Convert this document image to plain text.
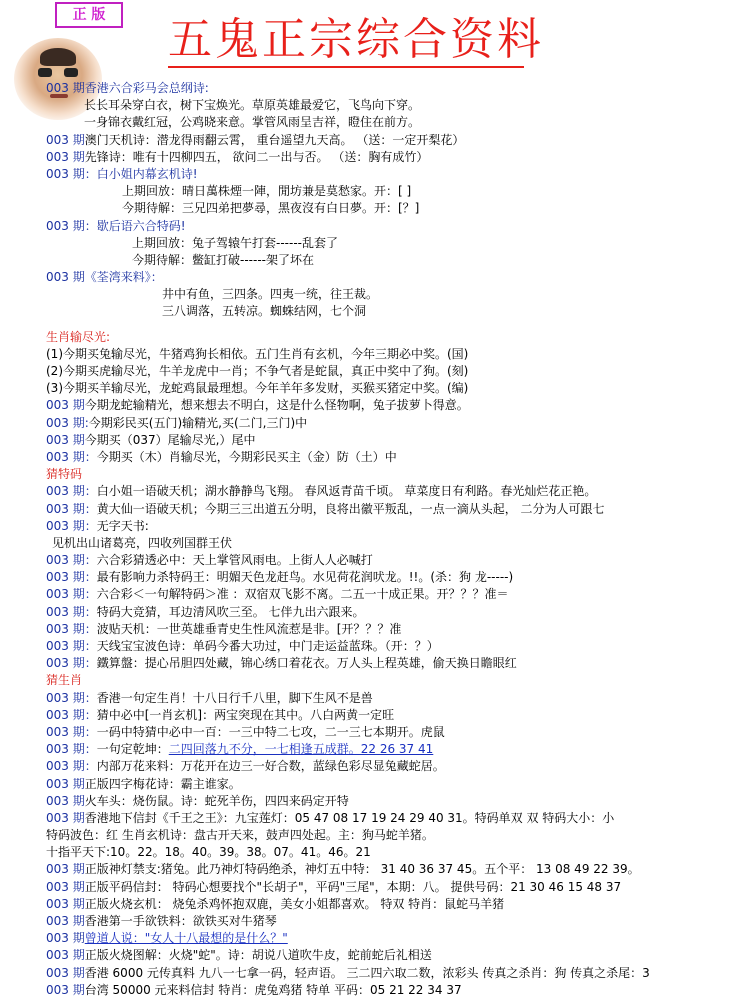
正 版	五鬼正宗综合资料
003 期香港六合彩马会总纲诗:
长长耳朵穿白衣，树下宝焕光。草原英雄最爱它，飞鸟向下穿。
一身锦衣戴红冠，公鸡晓来意。掌管风雨呈吉祥，瞪住在前方。
003 期澳门天机诗：潜龙得雨翻云霄， 重台遥望九天高。 （送：一定开梨花）
003 期先锋诗：唯有十四柳四五， 欲问二一出与否。 （送：胸有成竹）
003 期：白小姐内幕玄机诗!
上期回放：晴日萬株煙一陣，閒坊兼是莫愁家。开：[ ]
今期待解：三兄四弟把夢尋，黑夜沒有白日夢。开：[？]
003 期：歇后语六合特码!
上期回放：兔子驾辕午打套------乱套了
今期待解：鳖缸打破------架了坏在
003 期《荃湾来料》：
井中有鱼，三四条。四夷一统，往王裁。
三八调落，五转凉。蜘蛛结网，七个洞
生肖输尽光:
(1)今期买兔输尽光，牛猪鸡狗长相依。五门生肖有玄机，今年三期必中奖。(国)
(2)今期买虎输尽光，牛羊龙虎中一肖；不争气者是蛇鼠，真正中奖中了狗。(刻)
(3)今期买羊输尽光，龙蛇鸡鼠最理想。今年羊年多发财，买猴买猪定中奖。(编)
003 期今期龙蛇输精光，想来想去不明白，这是什么怪物啊，兔子拔萝卜得意。
003 期:今期彩民买(五门)输精光,买(二门,三门)中
003 期今期买（037）尾输尽光,）尾中
003 期：今期买（木）肖输尽光，今期彩民买主（金）防（土）中
猜特码
003 期：白小姐一语破天机；湖水静静鸟飞翔。 春风返青苗千顷。 草菜度日有利路。春光灿烂花正艳。
003 期：黄大仙一语破天机；今期三三出道五分明，良将出徽平叛乱，一点一滴从头起， 二分为人可跟七
003 期：无字天书:
见机出山诸葛亮，四收列国群王伏
003 期：六合彩猜透必中：天上掌管风雨电。上街人人必喊打
003 期：最有影响力杀特码王：明媚天色龙赶鸟。水见荷花润吠龙。!!。(杀：狗 龙-----)
003 期：六合彩＜一句解特码＞准 ：双宿双飞影不离。二五一十成正果。开？？？准＝
003 期：特码大竞猜，耳边清风吹三至。 七伴九出六跟来。
003 期：波贴天机：一世英雄垂青史生性风流惹是非。[开？？？准
003 期：天线宝宝波色诗：单码今番大功过，中门走运益蓝珠。（开：？）
003 期：鐵算盤：提心吊胆四处藏，锦心绣口着花衣。万人头上程英雄，偷天换日瞻眼红
猜生肖
003 期：香港一句定生肖！十八日行千八里，脚下生风不是兽
003 期：猜中必中[一肖玄机]：两宝突现在其中。八白两黄一定旺
003 期：一码中特猜中必中一百：一三中特二七攻，二一三七本期开。虎鼠
003 期：一句定乾坤：二四回落九不分，一七相逢五成群。22 26 37 41
003 期：内部万花来料：万花开在边三一好合数，蓝绿色彩尽显兔藏蛇居。
003 期正版四字梅花诗：霸主谁家。
003 期火车头：烧伤鼠。诗：蛇死羊伤，四四来码定开特
003 期香港地下信封《千王之王》：九宝莲灯：05 47 08 17 19 24 29 40 31。特码单双 双 特码大小：小
特码波色：红 生肖玄机诗：盘古开天来，鼓声四处起。主：狗马蛇羊猪。
十指平天下:10。22。18。40。39。38。07。41。46。21
003 期正版神灯禁支:猪兔。此乃神灯特码绝杀，神灯五中特： 31 40 36 37 45。五个平： 13 08 49 22 39。
003 期正版平码信封： 特码心想要找个"长胡子"，平码"三尾"，本期：八。 提供号码：21 30 46 15 48 37
003 期正版火烧玄机： 烧兔杀鸡怀抱双鹿，美女小姐都喜欢。 特双 特肖：鼠蛇马羊猪
003 期香港第一手欲铁料：欲铁买对牛猪琴
003 期曾道人说："女人十八最想的是什么？"
003 期正版火烧图解：火烧"蛇"。诗：胡说八道吹牛皮，蛇前蛇后礼相送
003 期香港 6000 元传真料 九八一七拿一码，轻声语。 三二四六取二数，浓彩头 传真之杀肖：狗 传真之杀尾：3
003 期台湾 50000 元来料信封 特肖：虎兔鸡猪 特单 平码：05 21 22 34 37
